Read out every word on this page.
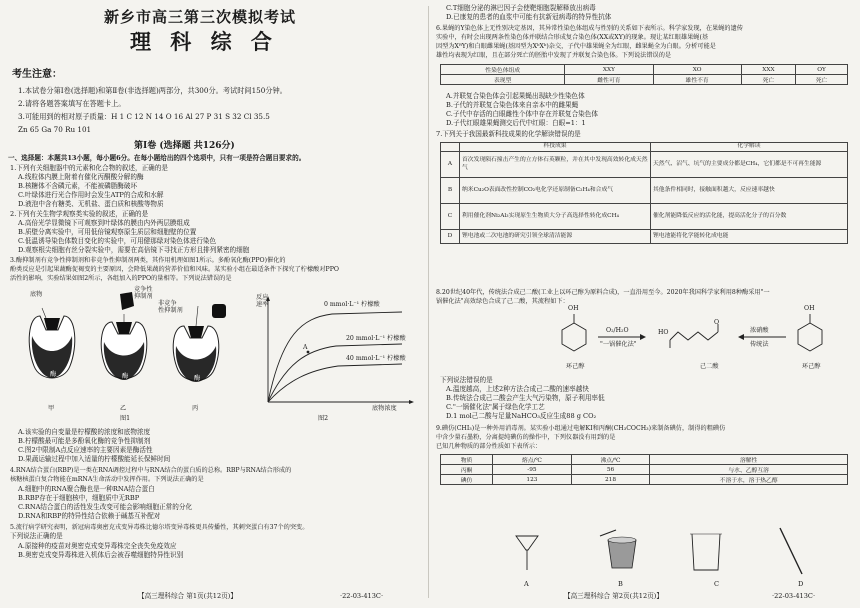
新乡市高三第三次模拟考试
理 科 综 合
考生注意：
1.本试卷分第Ⅰ卷(选择题)和第Ⅱ卷(非选择题)两部分，共300分。考试时间150分钟。
2.请将各题答案填写在答题卡上。
3.可能用到的相对原子质量：H 1 C 12 N 14 O 16 Al 27 P 31 S 32 Cl 35.5
Zn 65 Ga 70 Ru 101
第Ⅰ卷 (选择题 共126分)
一、选择题：本题共13小题，每小题6分。在每小题给出的四个选项中，只有一项是符合题目要求的。
1.下列有关细胞器中的元素和化合物的叙述，正确的是
A.线粒体内膜上附着有催化丙酮酸分解的酶
B.核糖体不含磷元素，不能被磷脂酶破坏
C.叶绿体进行光合作用时会发生ATP的合成和水解
D.液泡中含有糖类、无机盐、蛋白质和核酸等物质
2.下列有关生物学观察类实验的叙述，正确的是
A.高倍光学显微镜下可观察到叶绿体的膜由内外两层膜组成
B.质壁分离实验中，可用低倍镜观察原生质层和细胞壁的位置
C.低温诱导染色体数目变化的实验中，可用健那绿对染色体进行染色
D.观察根尖细胞有丝分裂实验中，需要在高倍镜下寻找正方形且排列紧密的细胞
3.酶抑制剂有竞争性抑制剂和非竞争性抑制剂两类，其作用机理如图1所示。多酚氧化酶(PPO)催化的
酚类反应是引起果蔬酶促褐变的主要原因，会降低果蔬的营养价值和风味。某实验小组在最适条件下探究了柠檬酸对PPO
活性的影响，实验结果如图2所示，各组加入的PPO的量相等。下列说法错误的是
底物
竞争性
抑制剂
非竞争
性抑制剂
酶	酶	酶
甲	乙	丙
图1
反应
速率	0 mmol·L⁻¹ 柠檬酸
20 mmol·L⁻¹ 柠檬酸
40 mmol·L⁻¹ 柠檬酸
A
底物浓度
图2
A.该实验的自变量是柠檬酸的浓度和底物浓度
B.柠檬酸最可能是多酚氧化酶的竞争性抑制剂
C.图2中限制A点反应速率的主要因素是酶活性
D.果蔬运输过程中加入适量的柠檬酸能延长保鲜时间
4.RNA结合蛋白(RBP)是一类在RNA调控过程中与RNA结合的蛋白质的总称。RBP与RNA结合形成的
核糖核蛋白复合物能在mRNA生命活动中发挥作用。下列说法正确的是
A.细胞中的RNA聚合酶也是一种RNA结合蛋白
B.RBP存在于细胞核中，细胞质中无RBP
C.RNA结合蛋白的活性发生改变可能会影响细胞正常的分化
D.RNA和RBP的特异性结合依赖于碱基互补配对
5.流行病学研究表明，新冠病毒奥密克戎变异毒株比德尔塔变异毒株更具传播性，其刺突蛋白有37个的突变。
下列说法正确的是
A.原接种的疫苗对奥密克戎变异毒株完全丧失免疫效应
B.奥密克戎变异毒株进入机体后会被吞噬细胞特异性识别
【高三理科综合 第1页(共12页)】	·22-03-413C·
C.T细胞分泌的淋巴因子会使靶细胞裂解释放出病毒
D.已康复的患者的血浆中可能有抗新冠病毒的特异性抗体
6.果蝇的Y染色体上无性别决定基因，其异常性染色体组成与性别的关系如下表所示。科学家发现，在果蝇的遗传
实验中，有时会出现两条性染色体并联结合形成复合染色体(XX或XY)的现象。现让某红眼雄果蝇(基
因型为XᴮY)和白眼雌果蝇(基因型为XᵇXᵇ)杂交，子代中雄果蝇全为红眼，雌果蝇全为白眼。分析可能是
雄性均表现为红眼，且在部分死亡的胚胎中发现了并联复合染色体。下列说法错误的是
性染色体组成	XXY	XO	XXX	OY
表现型	雌性可育	雄性不育	死亡	死亡
A.并联复合染色体会引起果蝇出现缺少性染色体
B.子代的并联复合染色体来自亲本中的雌果蝇
C.子代中存活的白眼雌性个体中存在并联复合染色体
D.子代红眼雄果蝇测交后代中红眼：白眼=1：1
7.下列关于我国最新科技成果的化学解读错误的是
	科技成果	化学解读
A	首次发现陨石撞击产生的立方体石英颗粒，并在其中发现高效转化成天然气	天然气、沼气、坑气的主要成分都是CH₄，它们都是不可再生能源
B	纳米Cu₂O表面改性控制CO₂电化学还原制备C₂H₄和合成气	其他条件相同时，接触面积越大，反应速率越快
C	利用催化剂Ni₂Al₃实现原生生物质大分子高选择性转化成CH₄	催化剂能降低反应的活化能，提高活化分子的百分数
D	锂电池或二次电池的研究引领全球清洁能源	锂电池能将化学能转化成电能
8.20世纪40年代，传统法合成己二酸(工业上以环己醇为原料合成)，一直沿用至今。2020年我国科学家利用8种酶采用"一
锅催化法"高效绿色合成了己二酸，其流程如下：
OH	OH
HO
O
O₂/H₂O
"一锅催化法"
浓硝酸
传统法
环己醇	己二酸	环己醇
下列说法错误的是
A.温度越高，上述2种方法合成己二酸的速率越快
B.传统法合成己二酸会产生大气污染物，原子利用率低
C."一锅催化法"属于绿色化学工艺
D.1 mol己二酸与足量NaHCO₃反应生成88 g CO₂
9.碘仿(CHI₃)是一种外用消毒剂。某实验小组通过电解KI和丙酮(CH₃COCH₃)来制备碘仿，制得的粗碘仿
中含少量石墨粉，分离提纯碘仿的操作中，下列仪器没有用到的是
已知几种物质的部分性质如下表所示：
物质	熔点/℃	沸点/℃	溶解性
丙酮	-95	56	与水、乙醇互溶
碘仿	123	218	不溶于水，溶于热乙醇
A	B	C	D
【高三理科综合 第2页(共12页)】	·22-03-413C·
